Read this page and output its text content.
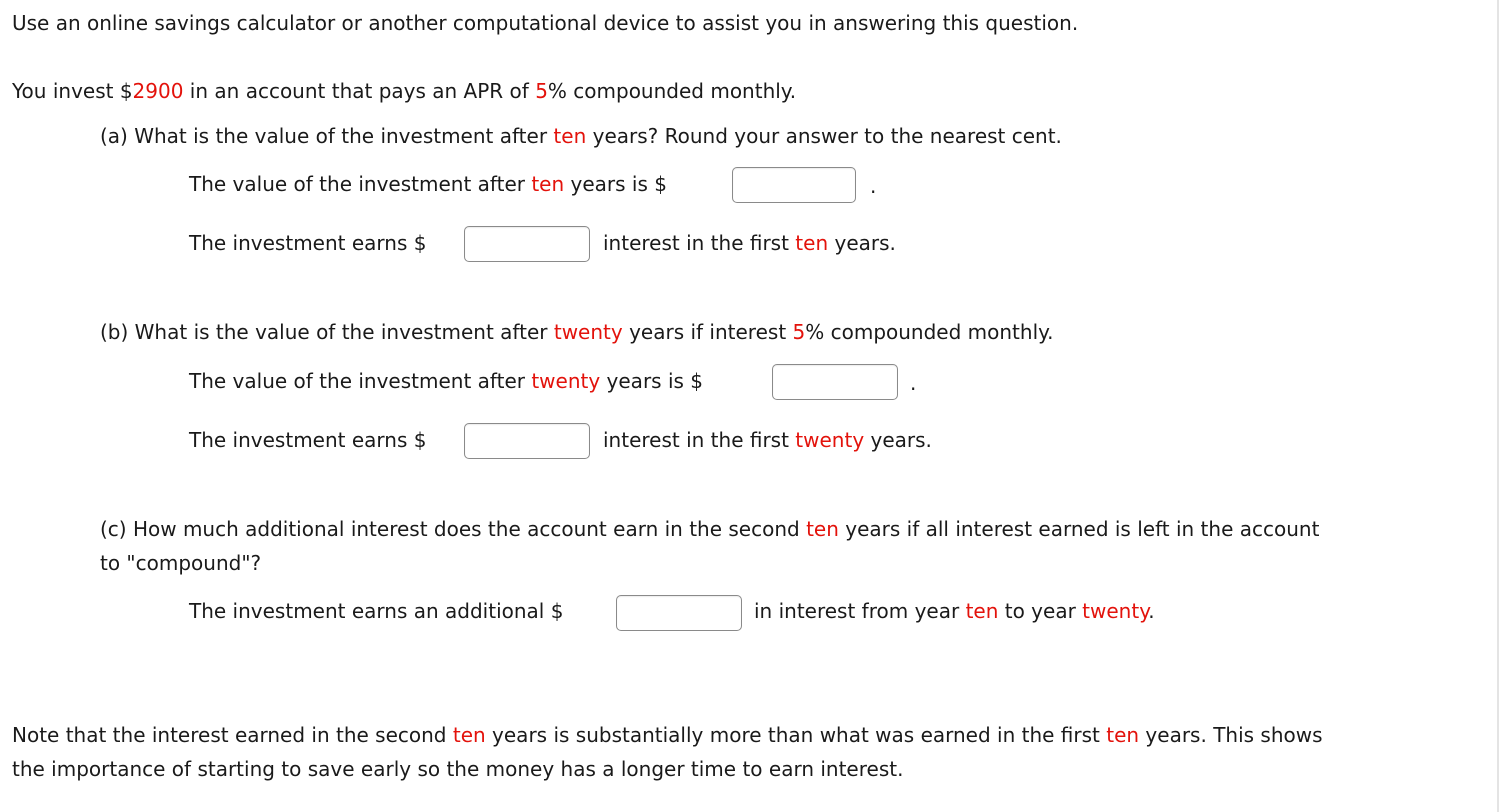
Use an online savings calculator or another computational device to assist you in answering this question.
You invest $2900 in an account that pays an APR of 5% compounded monthly.
(a) What is the value of the investment after ten years? Round your answer to the nearest cent.
The value of the investment after ten years is $	.
The investment earns $	interest in the first ten years.
(b) What is the value of the investment after twenty years if interest 5% compounded monthly.
The value of the investment after twenty years is $	.
The investment earns $	interest in the first twenty years.
(c) How much additional interest does the account earn in the second ten years if all interest earned is left in the account
to "compound"?
The investment earns an additional $	in interest from year ten to year twenty.
Note that the interest earned in the second ten years is substantially more than what was earned in the first ten years. This shows
the importance of starting to save early so the money has a longer time to earn interest.
